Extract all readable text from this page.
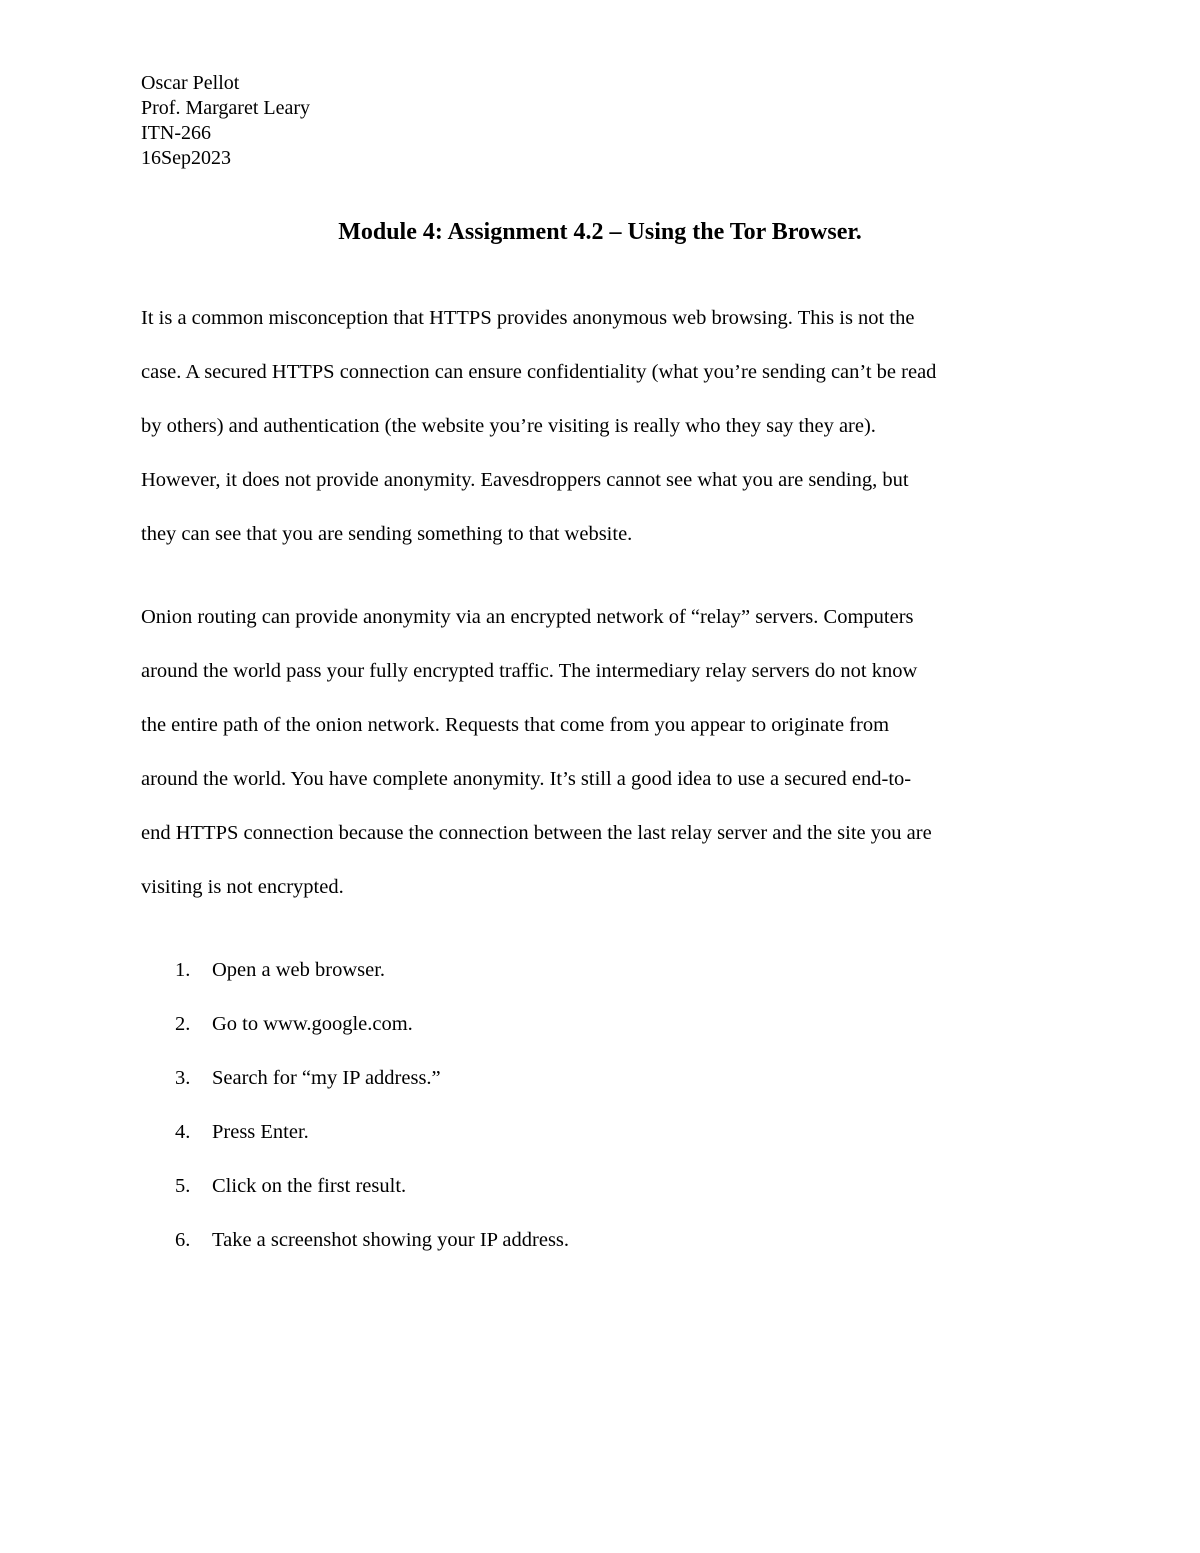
Oscar Pellot
Prof. Margaret Leary
ITN-266
16Sep2023
Module 4: Assignment 4.2 – Using the Tor Browser.
It is a common misconception that HTTPS provides anonymous web browsing. This is not the
case. A secured HTTPS connection can ensure confidentiality (what you’re sending can’t be read
by others) and authentication (the website you’re visiting is really who they say they are).
However, it does not provide anonymity. Eavesdroppers cannot see what you are sending, but
they can see that you are sending something to that website.
Onion routing can provide anonymity via an encrypted network of “relay” servers. Computers
around the world pass your fully encrypted traffic. The intermediary relay servers do not know
the entire path of the onion network. Requests that come from you appear to originate from
around the world. You have complete anonymity. It’s still a good idea to use a secured end-to-
end HTTPS connection because the connection between the last relay server and the site you are
visiting is not encrypted.
1. Open a web browser.
2. Go to www.google.com.
3. Search for “my IP address.”
4. Press Enter.
5. Click on the first result.
6. Take a screenshot showing your IP address.
